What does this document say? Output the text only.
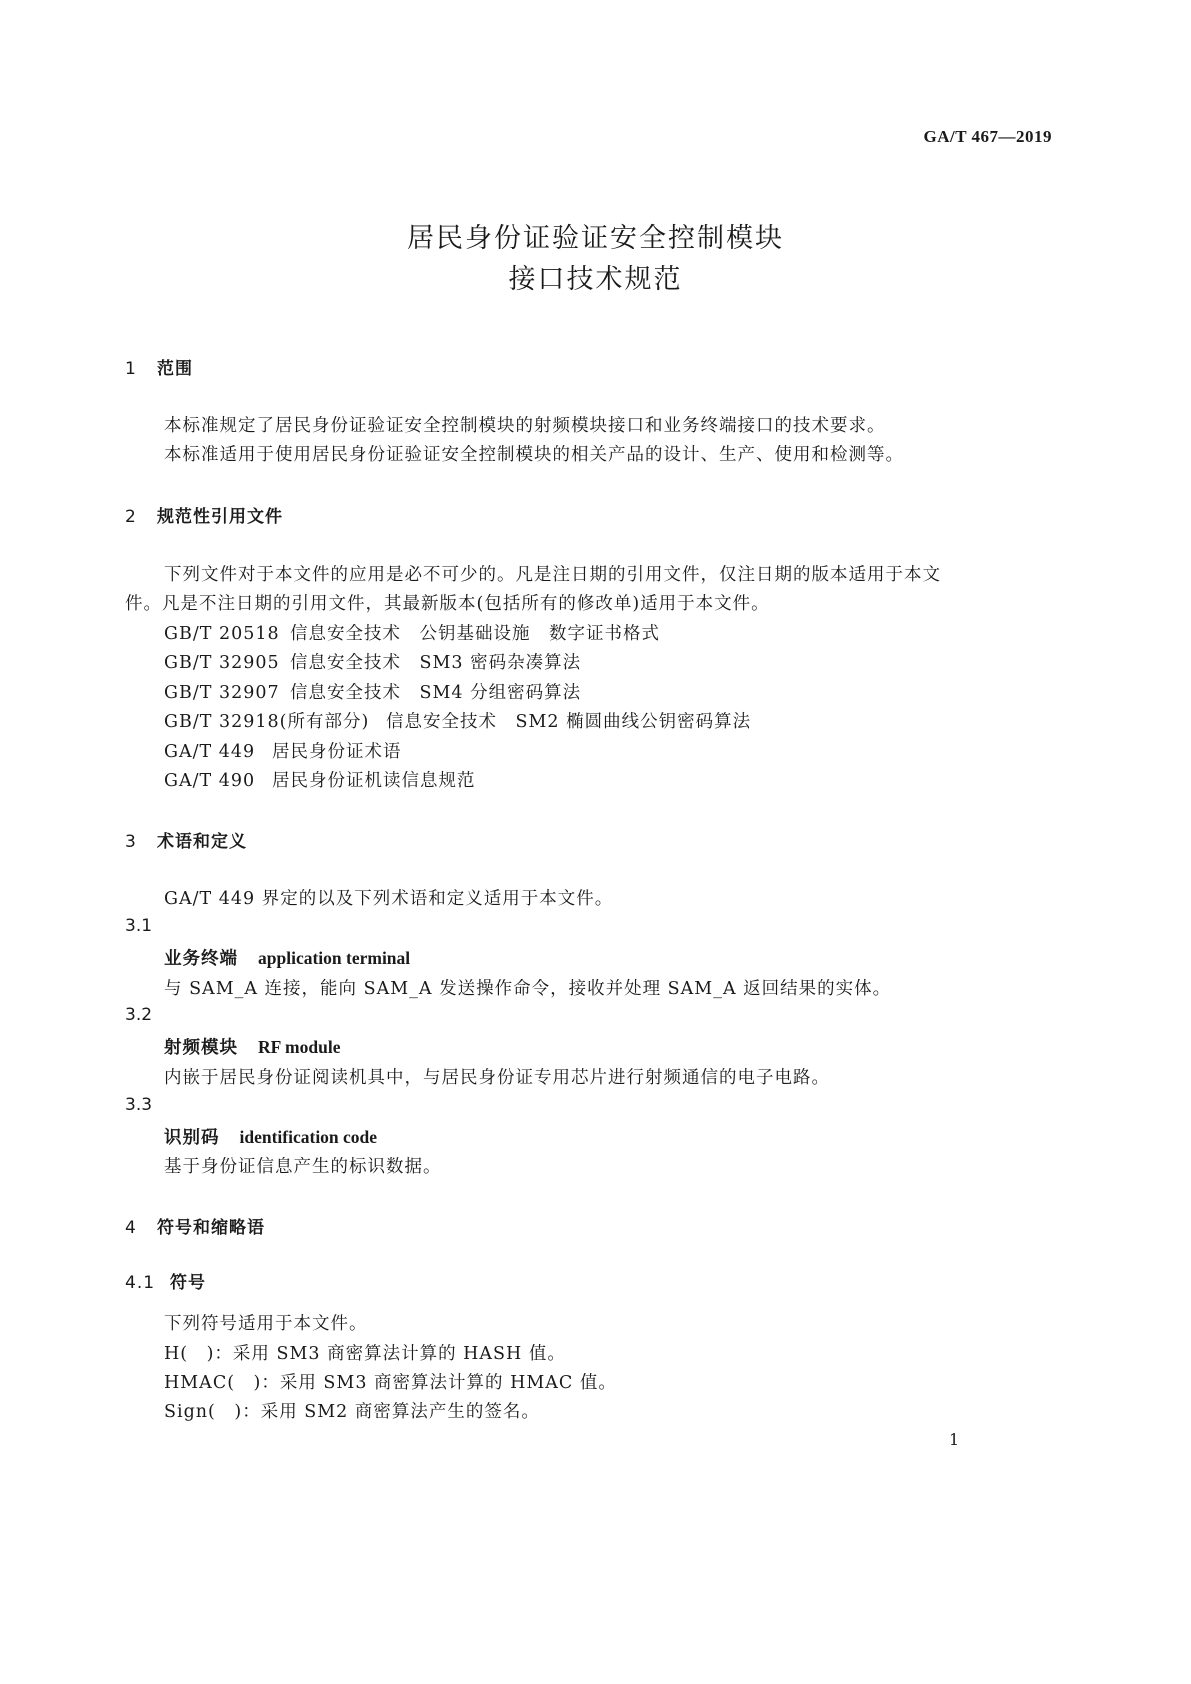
GA/T 467—2019
居民身份证验证安全控制模块
接口技术规范
1 范围
本标准规定了居民身份证验证安全控制模块的射频模块接口和业务终端接口的技术要求。
本标准适用于使用居民身份证验证安全控制模块的相关产品的设计、生产、使用和检测等。
2 规范性引用文件
下列文件对于本文件的应用是必不可少的。凡是注日期的引用文件，仅注日期的版本适用于本文
件。凡是不注日期的引用文件，其最新版本(包括所有的修改单)适用于本文件。
GB/T 20518 信息安全技术　公钥基础设施　数字证书格式
GB/T 32905 信息安全技术　SM3 密码杂凑算法
GB/T 32907 信息安全技术　SM4 分组密码算法
GB/T 32918(所有部分) 信息安全技术　SM2 椭圆曲线公钥密码算法
GA/T 449 居民身份证术语
GA/T 490 居民身份证机读信息规范
3 术语和定义
GA/T 449 界定的以及下列术语和定义适用于本文件。
3.1
业务终端 application terminal
与 SAM_A 连接，能向 SAM_A 发送操作命令，接收并处理 SAM_A 返回结果的实体。
3.2
射频模块 RF module
内嵌于居民身份证阅读机具中，与居民身份证专用芯片进行射频通信的电子电路。
3.3
识别码 identification code
基于身份证信息产生的标识数据。
4 符号和缩略语
4.1 符号
下列符号适用于本文件。
H(　)：采用 SM3 商密算法计算的 HASH 值。
HMAC(　)：采用 SM3 商密算法计算的 HMAC 值。
Sign(　)：采用 SM2 商密算法产生的签名。
1
